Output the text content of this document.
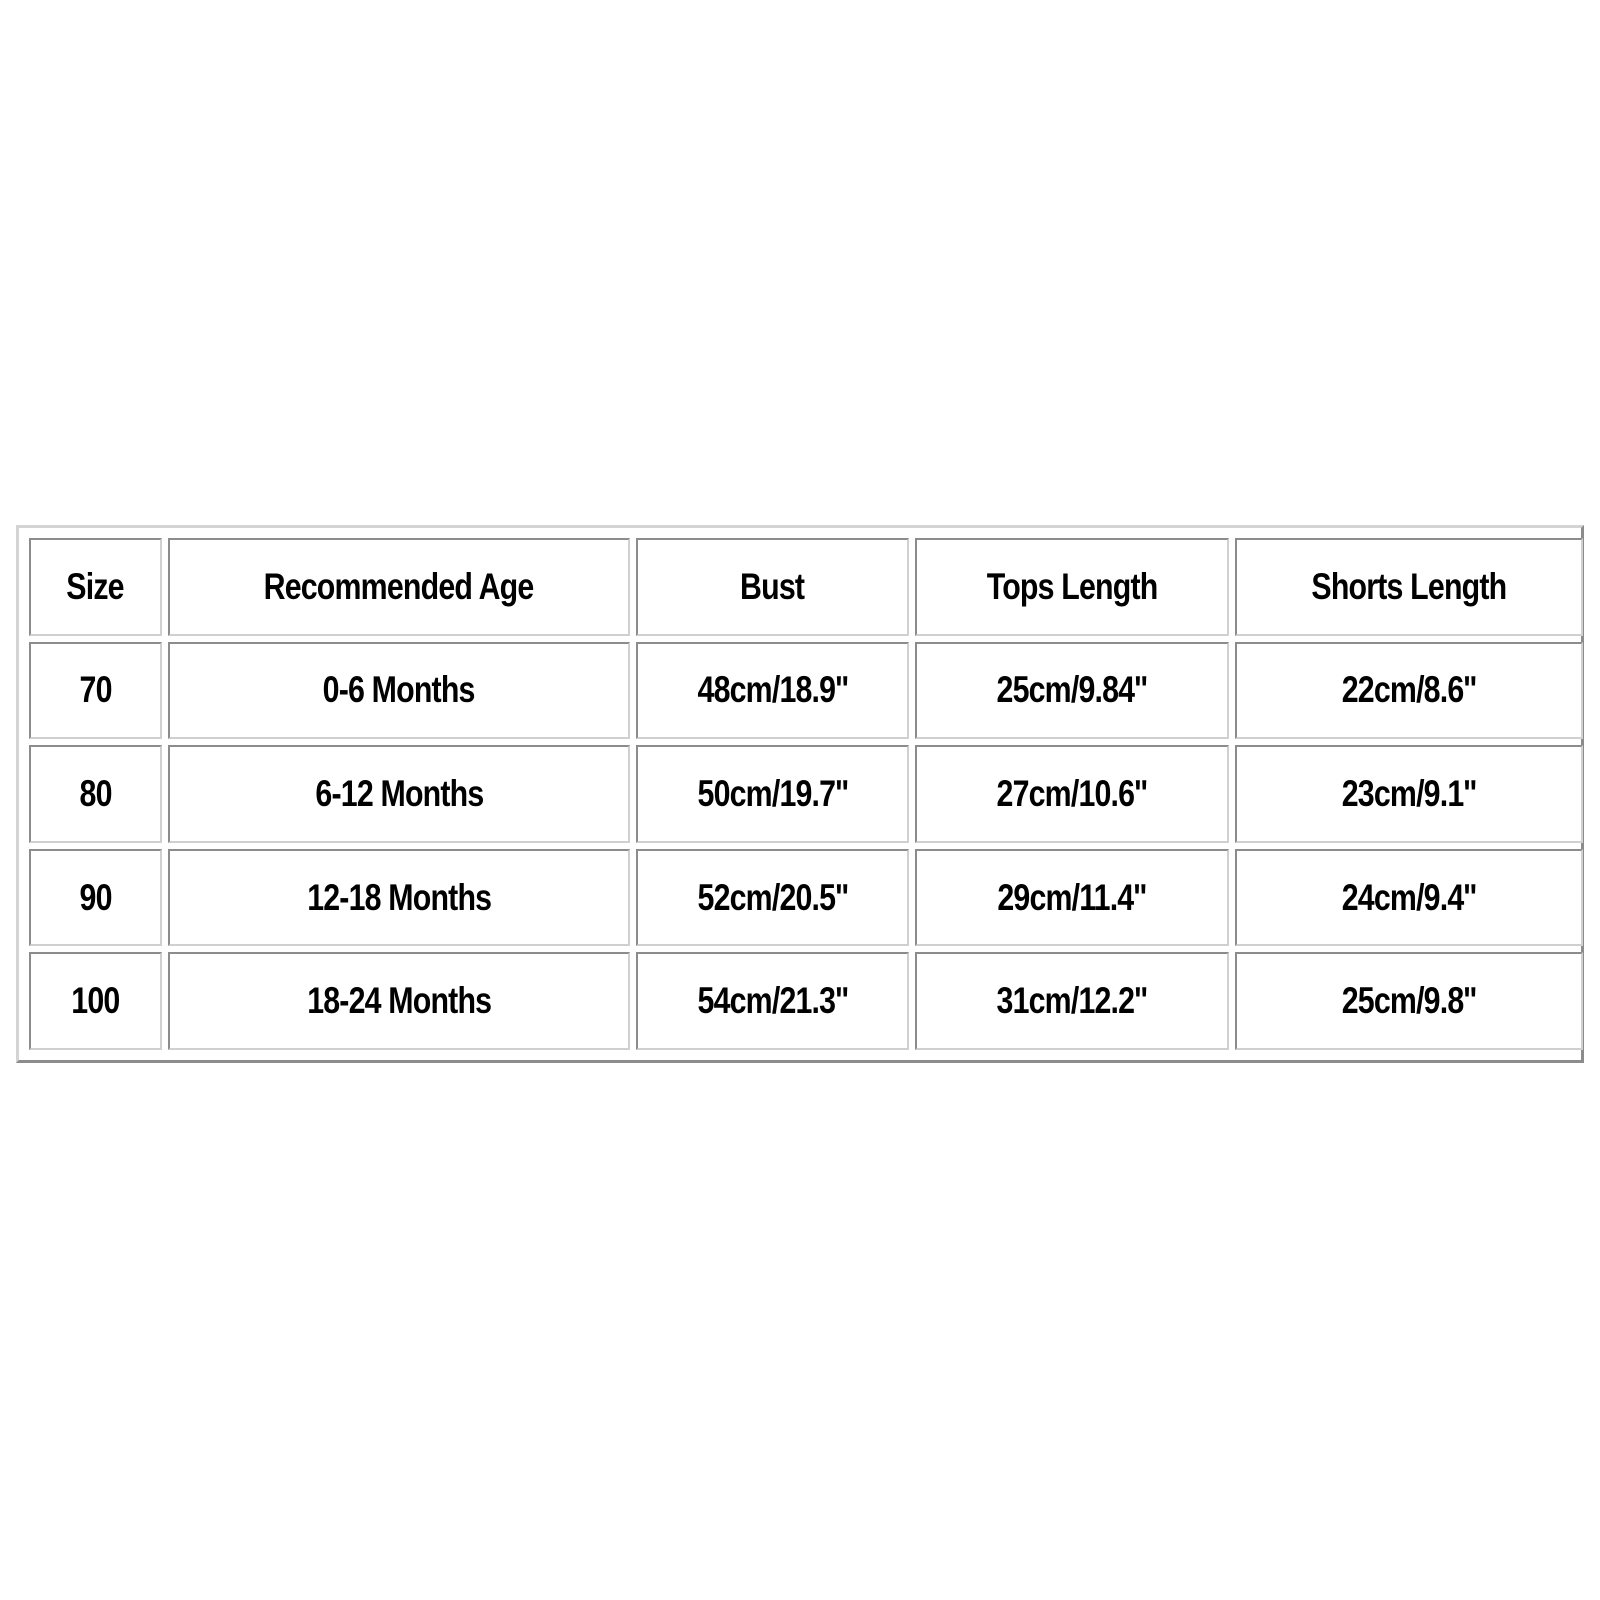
Size	Recommended Age	Bust	Tops Length	Shorts Length
70	0-6 Months	48cm/18.9''	25cm/9.84''	22cm/8.6''
80	6-12 Months	50cm/19.7''	27cm/10.6''	23cm/9.1''
90	12-18 Months	52cm/20.5''	29cm/11.4''	24cm/9.4''
100	18-24 Months	54cm/21.3''	31cm/12.2''	25cm/9.8''
